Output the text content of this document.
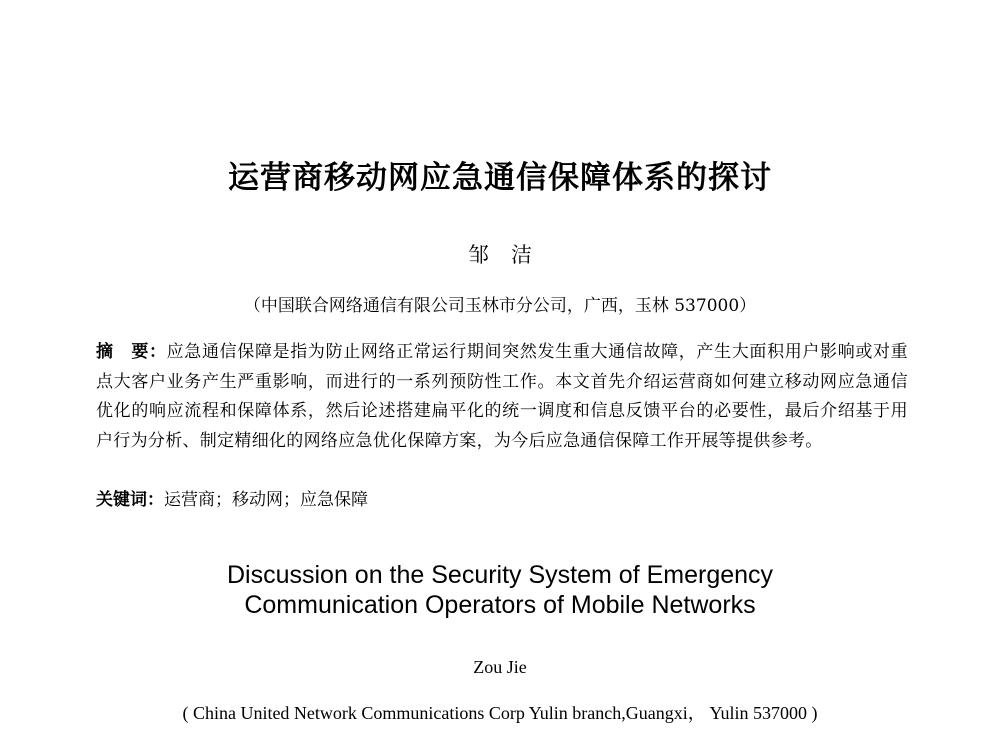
运营商移动网应急通信保障体系的探讨
邹洁
（中国联合网络通信有限公司玉林市分公司，广西，玉林 537000）
摘　要：应急通信保障是指为防止网络正常运行期间突然发生重大通信故障，产生大面积用户影响或对重点大客户业务产生严重影响，而进行的一系列预防性工作。本文首先介绍运营商如何建立移动网应急通信优化的响应流程和保障体系，然后论述搭建扁平化的统一调度和信息反馈平台的必要性，最后介绍基于用户行为分析、制定精细化的网络应急优化保障方案，为今后应急通信保障工作开展等提供参考。
关键词：运营商；移动网；应急保障
Discussion on the Security System of Emergency
Communication Operators of Mobile Networks
Zou Jie
( China United Network Communications Corp Yulin branch,Guangxi， Yulin 537000 )
